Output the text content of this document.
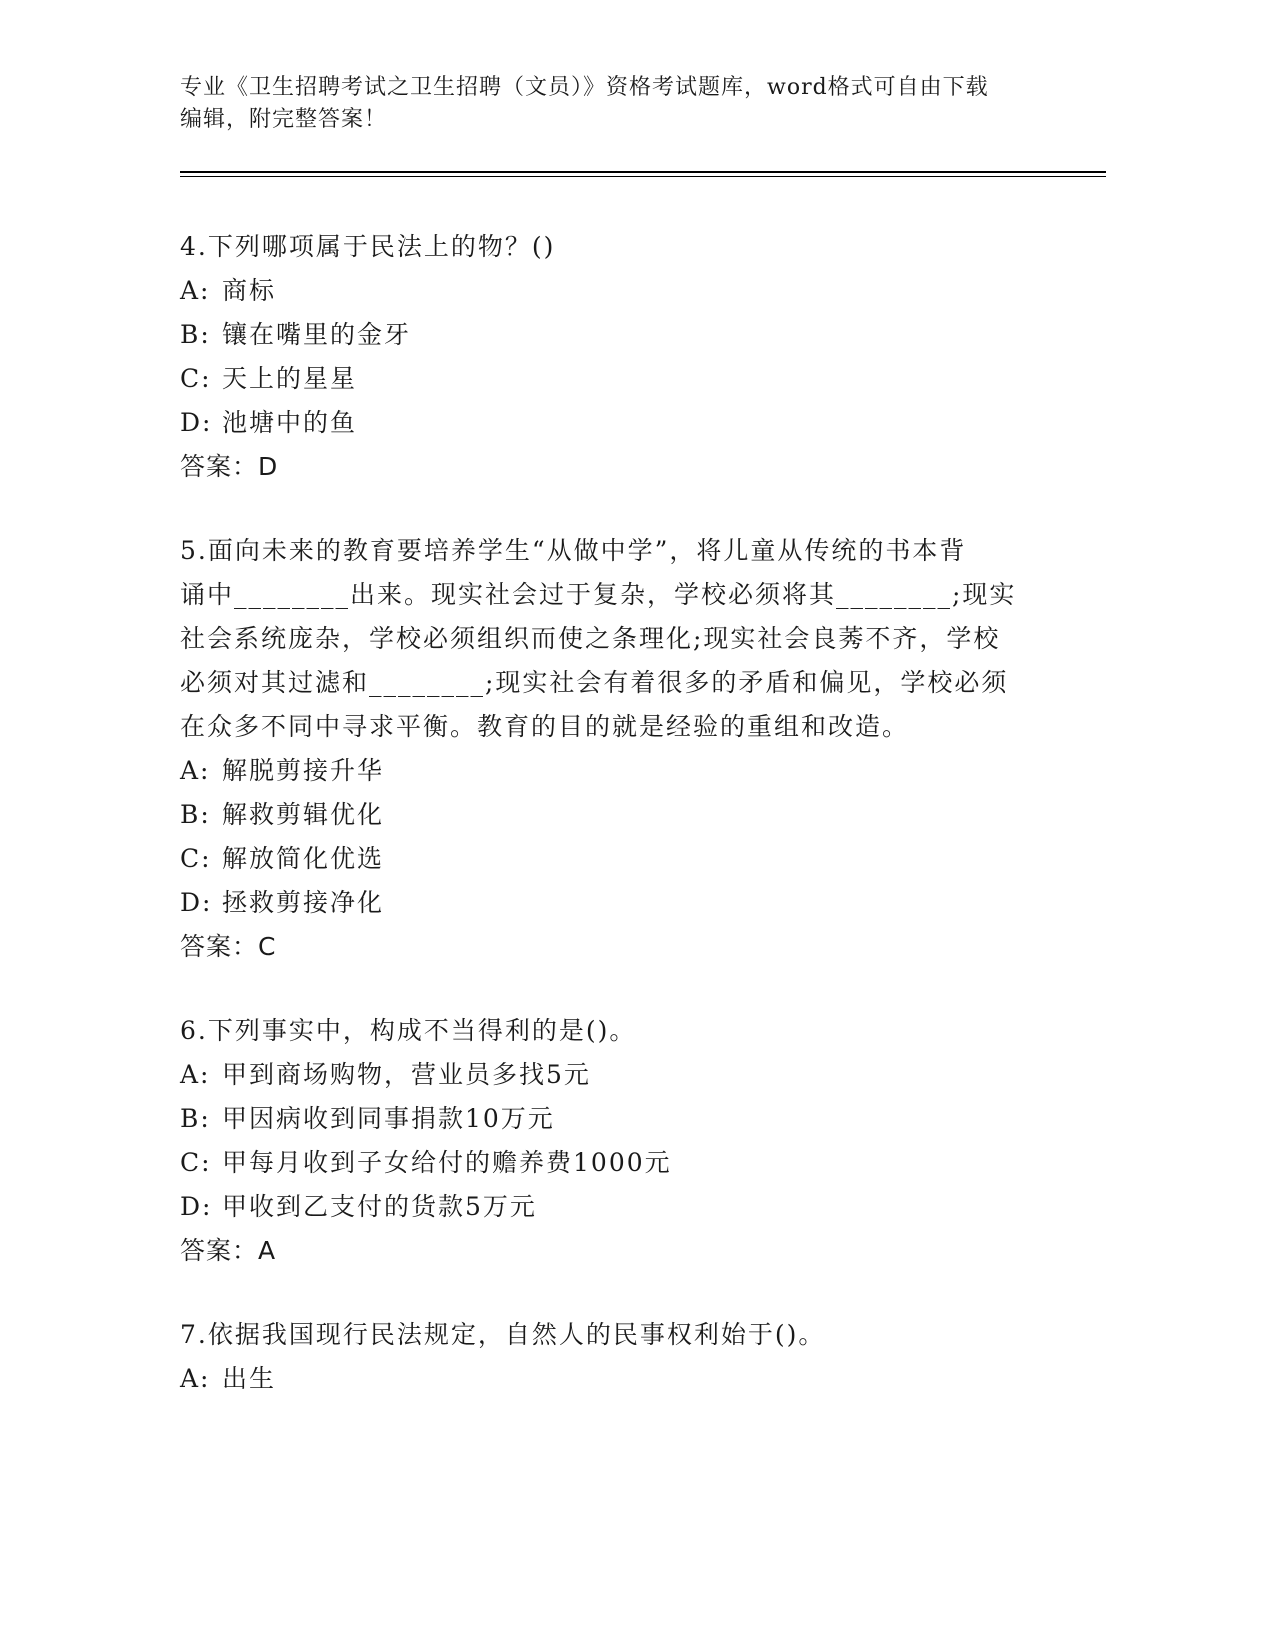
专业《卫生招聘考试之卫生招聘（文员）》资格考试题库，word格式可自由下载

编辑，附完整答案！

4.下列哪项属于民法上的物？()

A: 商标

B: 镶在嘴里的金牙

C: 天上的星星

D: 池塘中的鱼

答案：D

5.面向未来的教育要培养学生“从做中学”，将儿童从传统的书本背

诵中________出来。现实社会过于复杂，学校必须将其________;现实

社会系统庞杂，学校必须组织而使之条理化;现实社会良莠不齐，学校

必须对其过滤和________;现实社会有着很多的矛盾和偏见，学校必须

在众多不同中寻求平衡。教育的目的就是经验的重组和改造。

A: 解脱剪接升华

B: 解救剪辑优化

C: 解放简化优选

D: 拯救剪接净化

答案：C

6.下列事实中，构成不当得利的是()。

A: 甲到商场购物，营业员多找5元

B: 甲因病收到同事捐款10万元

C: 甲每月收到子女给付的赡养费1000元

D: 甲收到乙支付的货款5万元

答案：A

7.依据我国现行民法规定，自然人的民事权利始于()。

A: 出生
